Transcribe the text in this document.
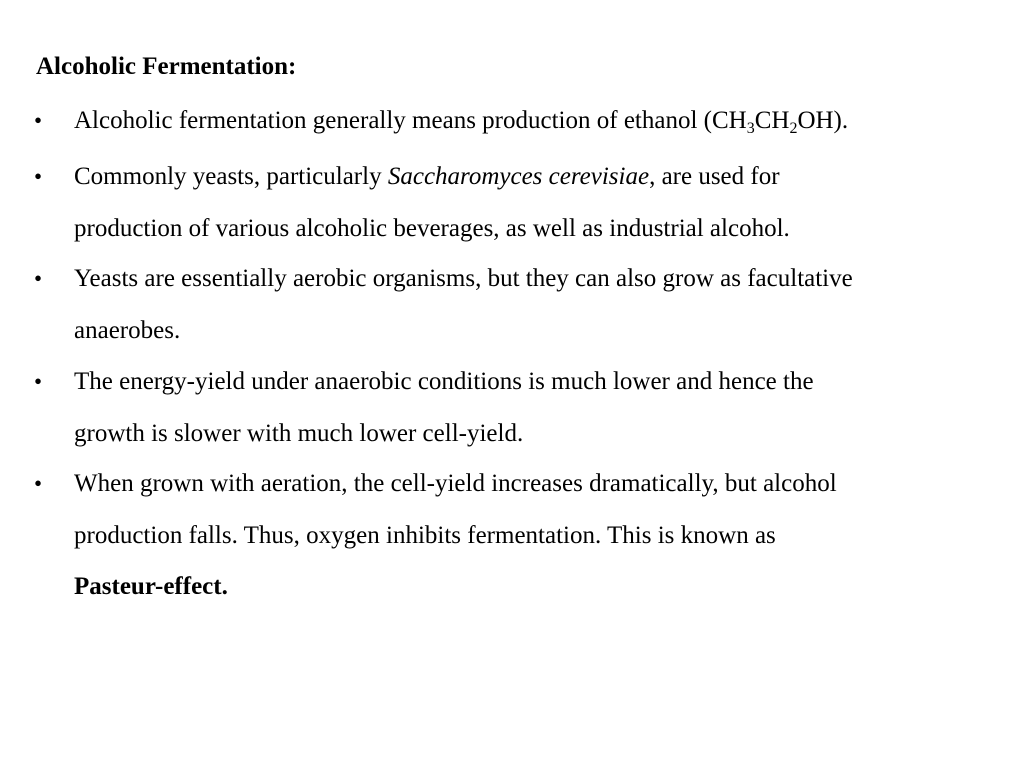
Alcoholic Fermentation:
• Alcoholic fermentation generally means production of ethanol $(CH_3CH_2OH)$.
• Commonly yeasts, particularly Saccharomyces cerevisiae, are used for
production of various alcoholic beverages, as well as industrial alcohol.
• Yeasts are essentially aerobic organisms, but they can also grow as facultative
anaerobes.
• The energy-yield under anaerobic conditions is much lower and hence the
growth is slower with much lower cell-yield.
• When grown with aeration, the cell-yield increases dramatically, but alcohol
production falls. Thus, oxygen inhibits fermentation. This is known as
Pasteur-effect.
